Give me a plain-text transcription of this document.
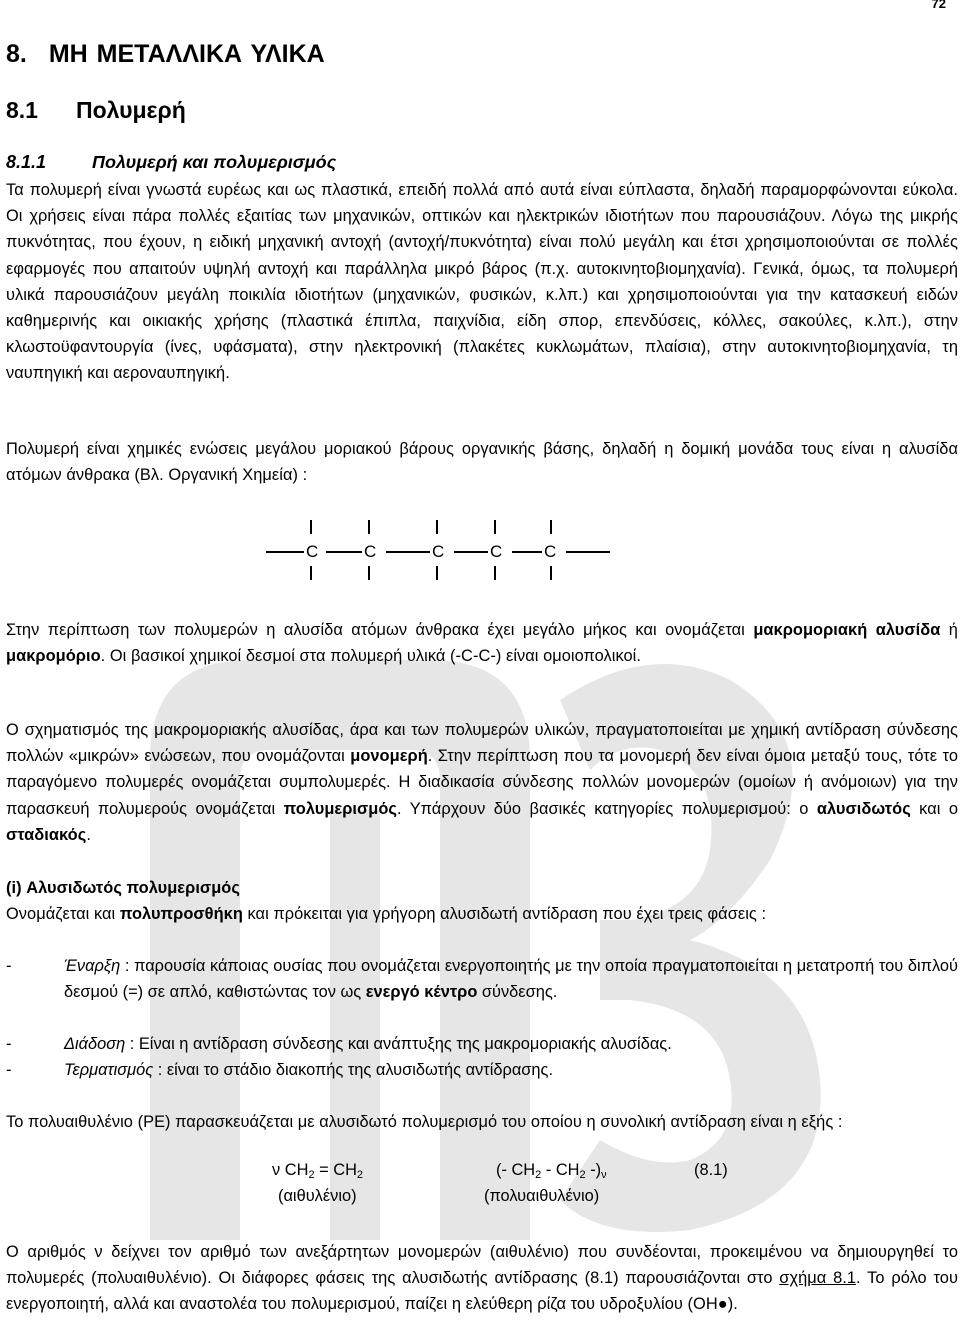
72
8. ΜΗ ΜΕΤΑΛΛΙΚΑ ΥΛΙΚΑ
8.1 Πολυμερή
8.1.1	Πολυμερή και πολυμερισμός
Τα πολυμερή είναι γνωστά ευρέως και ως πλαστικά, επειδή πολλά από αυτά είναι εύπλαστα, δηλαδή παραμορφώνονται εύκολα. Οι χρήσεις είναι πάρα πολλές εξαιτίας των μηχανικών, οπτικών και ηλεκτρικών ιδιοτήτων που παρουσιάζουν. Λόγω της μικρής πυκνότητας, που έχουν, η ειδική μηχανική αντοχή (αντοχή/πυκνότητα) είναι πολύ μεγάλη και έτσι χρησιμοποιούνται σε πολλές εφαρμογές που απαιτούν υψηλή αντοχή και παράλληλα μικρό βάρος (π.χ. αυτοκινητοβιομηχανία). Γενικά, όμως, τα πολυμερή υλικά παρουσιάζουν μεγάλη ποικιλία ιδιοτήτων (μηχανικών, φυσικών, κ.λπ.) και χρησιμοποιούνται για την κατασκευή ειδών καθημερινής και οικιακής χρήσης (πλαστικά έπιπλα, παιχνίδια, είδη σπορ, επενδύσεις, κόλλες, σακούλες, κ.λπ.), στην κλωστοϋφαντουργία (ίνες, υφάσματα), στην ηλεκτρονική (πλακέτες κυκλωμάτων, πλαίσια), στην αυτοκινητοβιομηχανία, τη ναυπηγική και αεροναυπηγική.
Πολυμερή είναι χημικές ενώσεις μεγάλου μοριακού βάρους οργανικής βάσης, δηλαδή η δομική μονάδα τους είναι η αλυσίδα ατόμων άνθρακα (Βλ. Οργανική Χημεία) :
C	C	C	C C
Στην περίπτωση των πολυμερών η αλυσίδα ατόμων άνθρακα έχει μεγάλο μήκος και ονομάζεται μακρομοριακή αλυσίδα ή μακρομόριο. Οι βασικοί χημικοί δεσμοί στα πολυμερή υλικά (-C-C-) είναι ομοιοπολικοί.
Ο σχηματισμός της μακρομοριακής αλυσίδας, άρα και των πολυμερών υλικών, πραγματοποιείται με χημική αντίδραση σύνδεσης πολλών «μικρών» ενώσεων, που ονομάζονται μονομερή. Στην περίπτωση που τα μονομερή δεν είναι όμοια μεταξύ τους, τότε το παραγόμενο πολυμερές ονομάζεται συμπολυμερές. Η διαδικασία σύνδεσης πολλών μονομερών (ομοίων ή ανόμοιων) για την παρασκευή πολυμερούς ονομάζεται πολυμερισμός. Υπάρχουν δύο βασικές κατηγορίες πολυμερισμού: ο αλυσιδωτός και ο σταδιακός.
(i) Αλυσιδωτός πολυμερισμός
Ονομάζεται και πολυπροσθήκη και πρόκειται για γρήγορη αλυσιδωτή αντίδραση που έχει τρεις φάσεις :
-	Έναρξη : παρουσία κάποιας ουσίας που ονομάζεται ενεργοποιητής με την οποία πραγματοποιείται η μετατροπή του διπλού δεσμού (=) σε απλό, καθιστώντας τον ως ενεργό κέντρο σύνδεσης.
-	Διάδοση : Είναι η αντίδραση σύνδεσης και ανάπτυξης της μακρομοριακής αλυσίδας.
-	Τερματισμός : είναι το στάδιο διακοπής της αλυσιδωτής αντίδρασης.
Το πολυαιθυλένιο (PE) παρασκευάζεται με αλυσιδωτό πολυμερισμό του οποίου η συνολική αντίδραση είναι η εξής :
ν $CH_2 = CH_2$	(- $CH_2 - CH_2$ $-)_\nu$	(8.1)
(αιθυλένιο)	(πολυαιθυλένιο)
Ο αριθμός ν δείχνει τον αριθμό των ανεξάρτητων μονομερών (αιθυλένιο) που συνδέονται, προκειμένου να δημιουργηθεί το πολυμερές (πολυαιθυλένιο). Οι διάφορες φάσεις της αλυσιδωτής αντίδρασης (8.1) παρουσιάζονται στο σχήμα 8.1. Το ρόλο του ενεργοποιητή, αλλά και αναστολέα του πολυμερισμού, παίζει η ελεύθερη ρίζα του υδροξυλίου (ΟΗ●).
